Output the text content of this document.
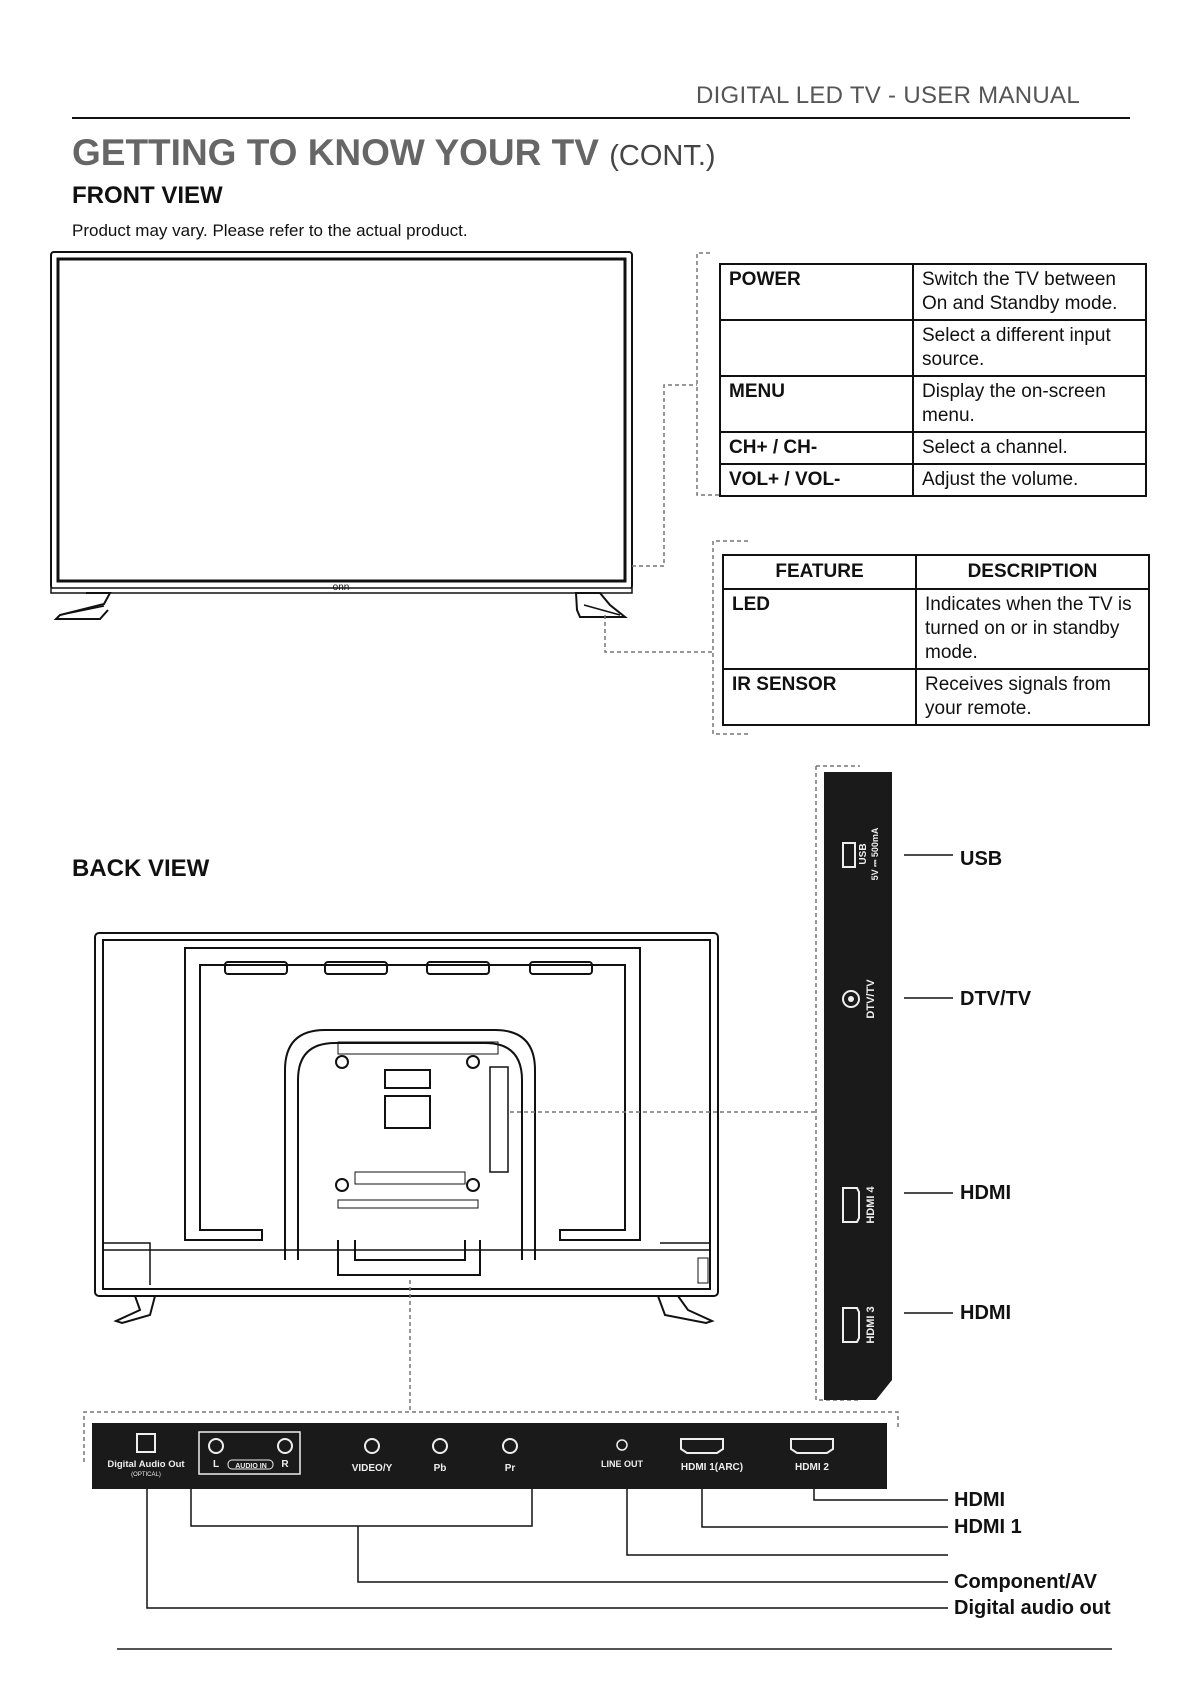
DIGITAL LED TV - USER MANUAL
GETTING TO KNOW YOUR TV (CONT.)
FRONT VIEW
Product may vary. Please refer to the actual product.
onn
POWER	Switch the TV between On and Standby mode.
	Select a different input source.
MENU	Display the on-screen menu.
CH+ / CH-	Select a channel.
VOL+ / VOL-	Adjust the volume.
FEATURE	DESCRIPTION
LED	Indicates when the TV is turned on or in standby mode.
IR SENSOR	Receives signals from your remote.
BACK VIEW
USB 5V ⎓ 500mA
DTV/TV
HDMI 4
HDMI 3
Digital Audio Out
(OPTICAL)
L AUDIO IN R	VIDEO/Y	Pb	Pr	LINE OUT	HDMI 1(ARC)	HDMI 2
USB
DTV/TV
HDMI
HDMI
HDMI
HDMI 1
Component/AV
Digital audio out
